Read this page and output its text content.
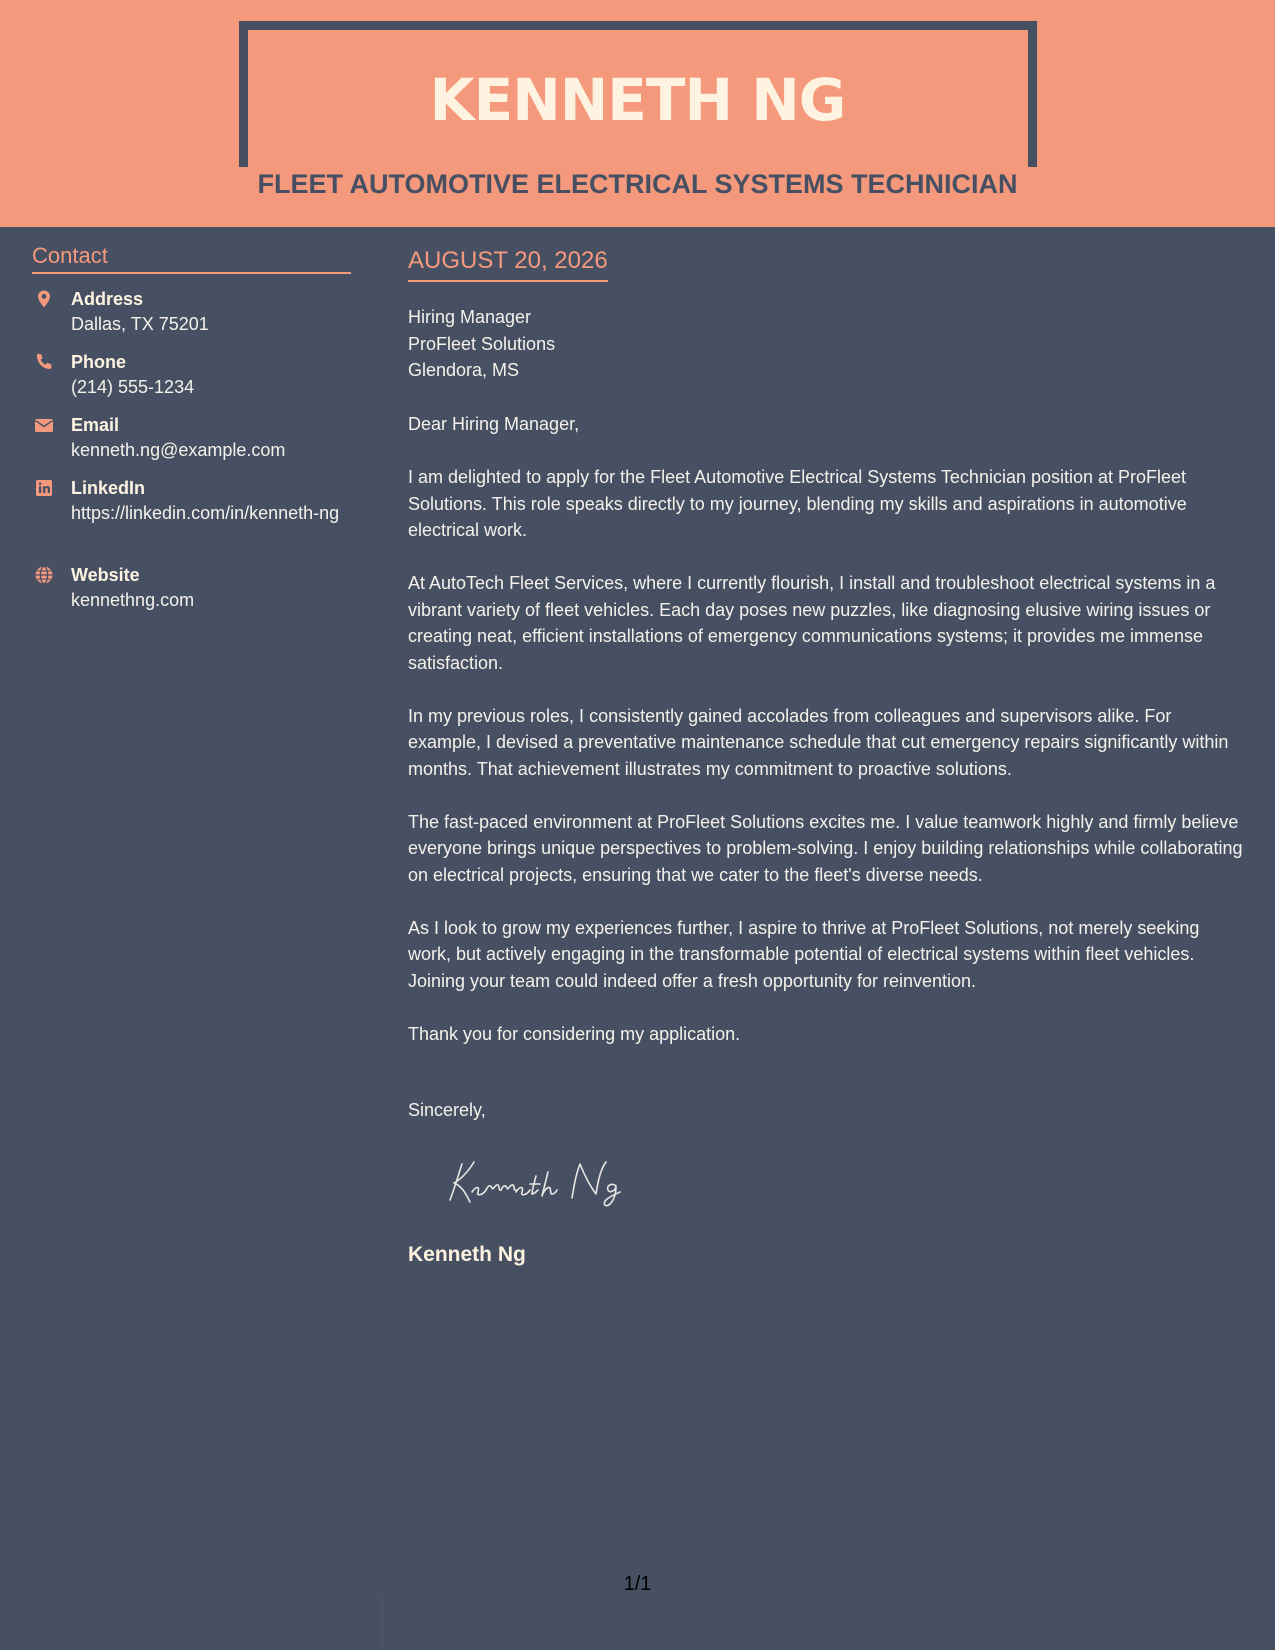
KENNETH NG
FLEET AUTOMOTIVE ELECTRICAL SYSTEMS TECHNICIAN
Contact
Address
Dallas, TX 75201
Phone
(214) 555-1234
Email
kenneth.ng@example.com
LinkedIn
https://linkedin.com/in/kenneth-ng
Website
kennethng.com
AUGUST 20, 2026
Hiring Manager
ProFleet Solutions
Glendora, MS

Dear Hiring Manager,

I am delighted to apply for the Fleet Automotive Electrical Systems Technician position at ProFleet Solutions. This role speaks directly to my journey, blending my skills and aspirations in automotive electrical work.

At AutoTech Fleet Services, where I currently flourish, I install and troubleshoot electrical systems in a vibrant variety of fleet vehicles. Each day poses new puzzles, like diagnosing elusive wiring issues or creating neat, efficient installations of emergency communications systems; it provides me immense satisfaction.

In my previous roles, I consistently gained accolades from colleagues and supervisors alike. For example, I devised a preventative maintenance schedule that cut emergency repairs significantly within months. That achievement illustrates my commitment to proactive solutions.

The fast-paced environment at ProFleet Solutions excites me. I value teamwork highly and firmly believe everyone brings unique perspectives to problem-solving. I enjoy building relationships while collaborating on electrical projects, ensuring that we cater to the fleet's diverse needs.

As I look to grow my experiences further, I aspire to thrive at ProFleet Solutions, not merely seeking work, but actively engaging in the transformable potential of electrical systems within fleet vehicles. Joining your team could indeed offer a fresh opportunity for reinvention.

Thank you for considering my application.

Sincerely,
Kenneth Ng
1/1
